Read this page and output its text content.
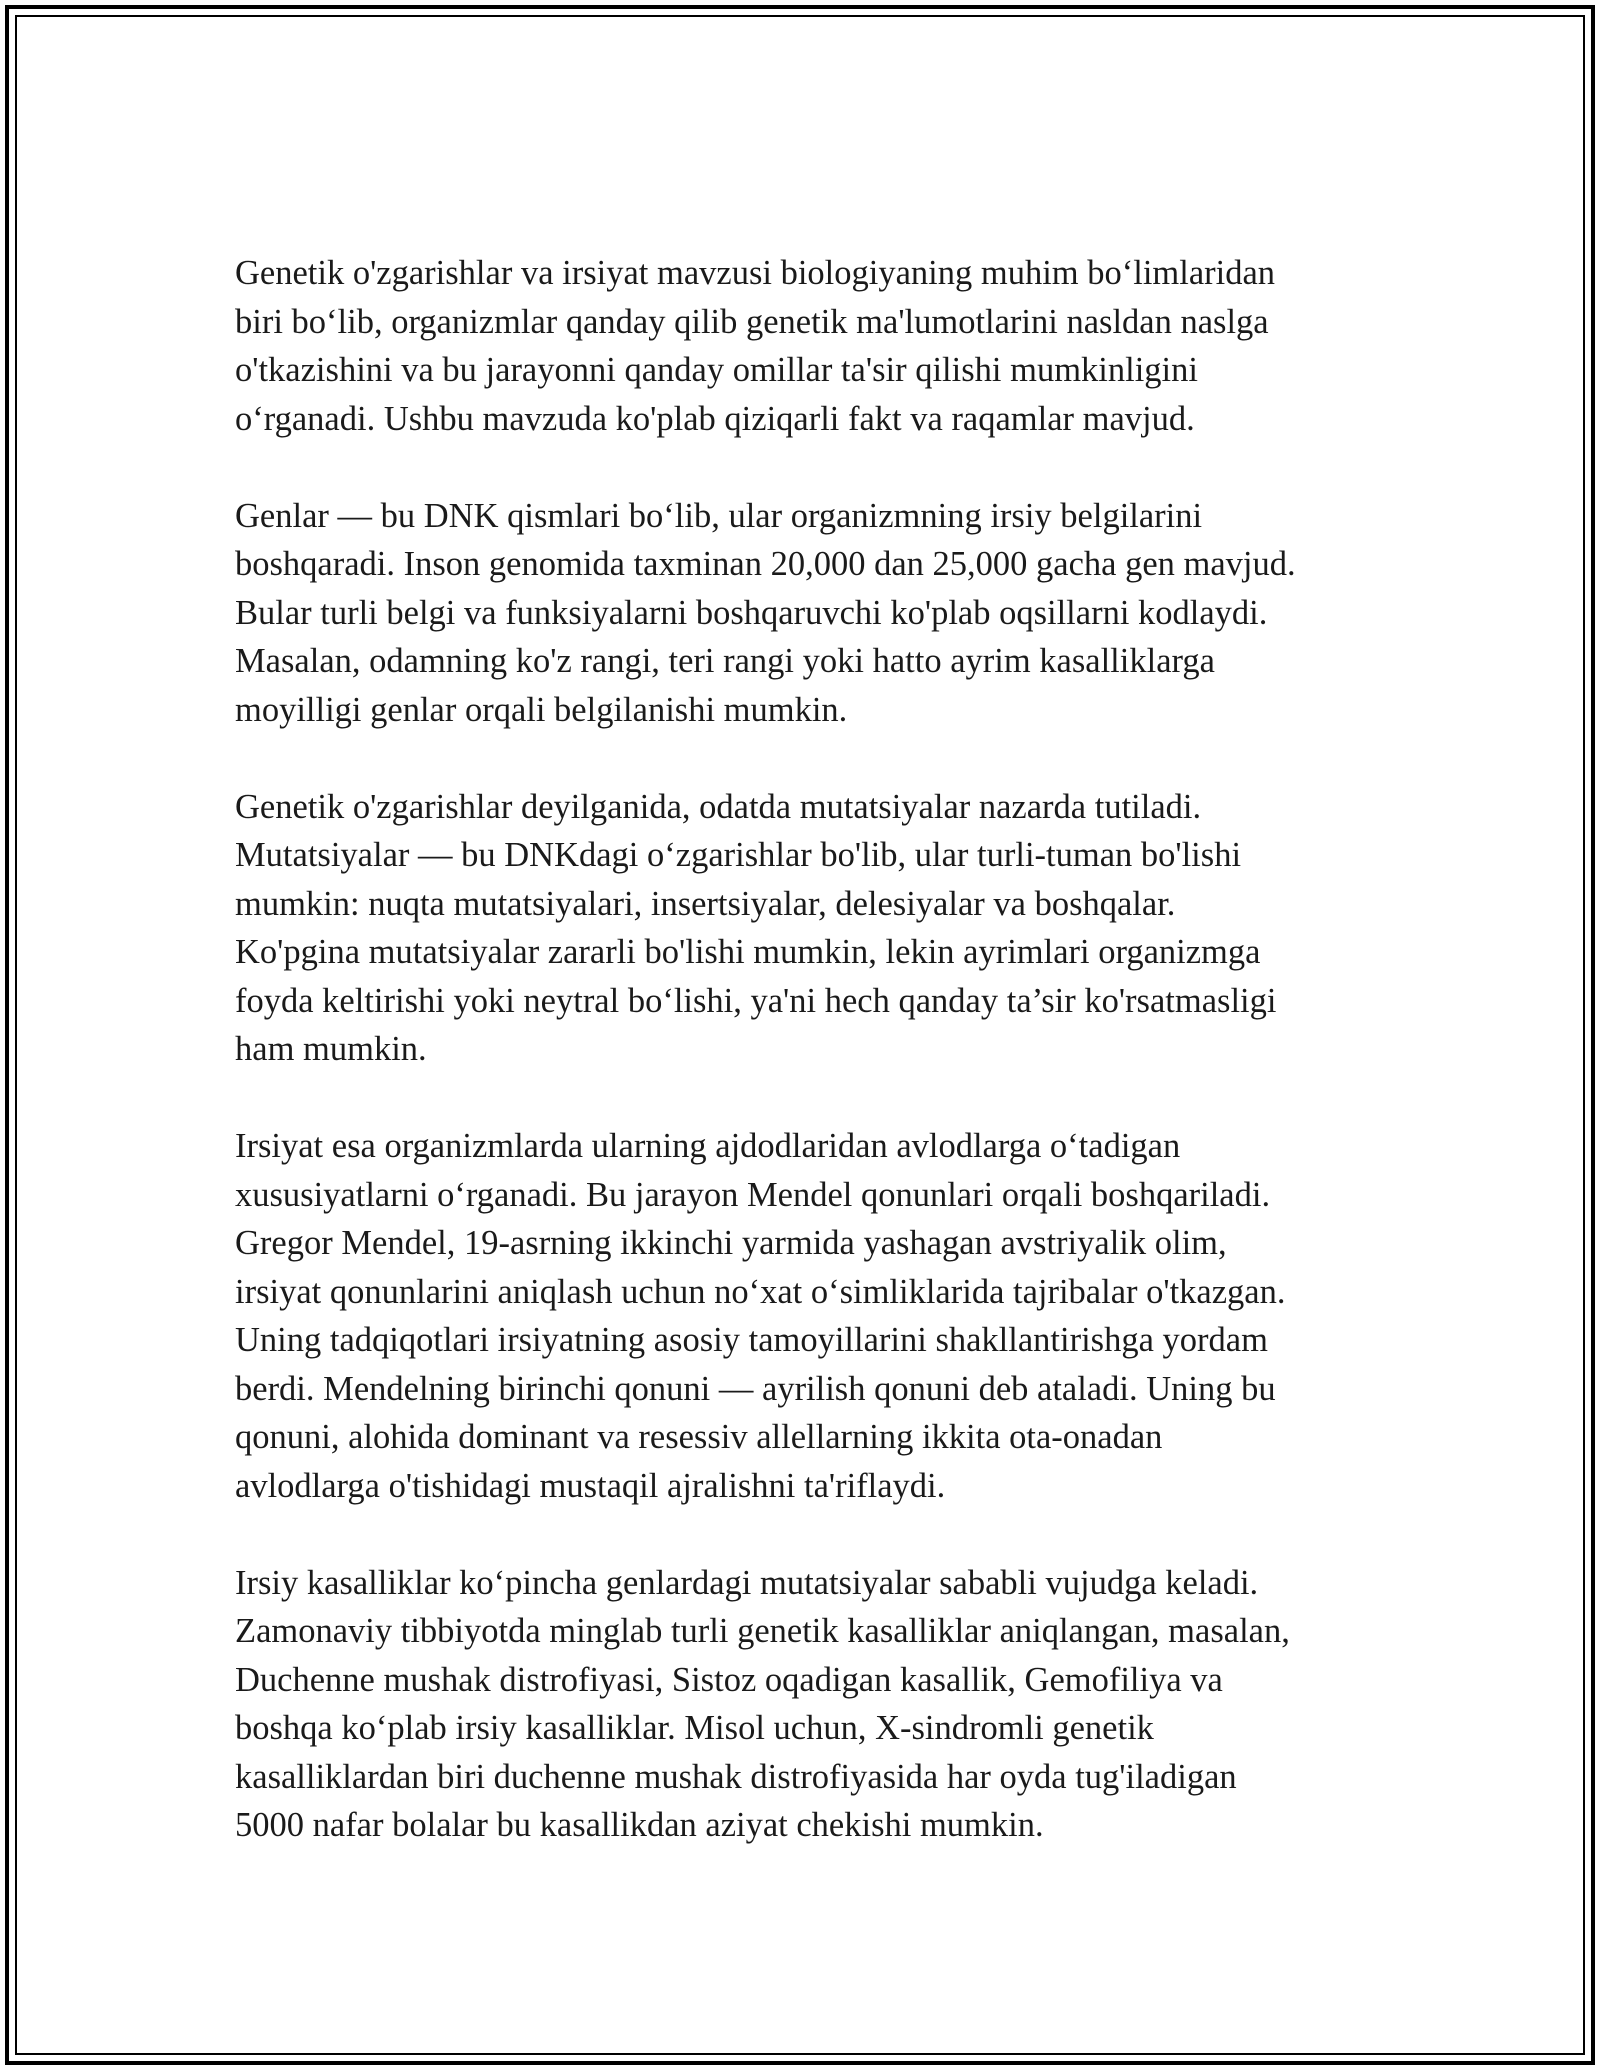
Genetik o'zgarishlar va irsiyat mavzusi biologiyaning muhim bo‘limlaridan
biri bo‘lib, organizmlar qanday qilib genetik ma'lumotlarini nasldan naslga
o'tkazishini va bu jarayonni qanday omillar ta'sir qilishi mumkinligini
o‘rganadi. Ushbu mavzuda ko'plab qiziqarli fakt va raqamlar mavjud.

Genlar — bu DNK qismlari bo‘lib, ular organizmning irsiy belgilarini
boshqaradi. Inson genomida taxminan 20,000 dan 25,000 gacha gen mavjud.
Bular turli belgi va funksiyalarni boshqaruvchi ko'plab oqsillarni kodlaydi.
Masalan, odamning ko'z rangi, teri rangi yoki hatto ayrim kasalliklarga
moyilligi genlar orqali belgilanishi mumkin.

Genetik o'zgarishlar deyilganida, odatda mutatsiyalar nazarda tutiladi.
Mutatsiyalar — bu DNKdagi o‘zgarishlar bo'lib, ular turli-tuman bo'lishi
mumkin: nuqta mutatsiyalari, insertsiyalar, delesiyalar va boshqalar.
Ko'pgina mutatsiyalar zararli bo'lishi mumkin, lekin ayrimlari organizmga
foyda keltirishi yoki neytral bo‘lishi, ya'ni hech qanday ta’sir ko'rsatmasligi
ham mumkin.

Irsiyat esa organizmlarda ularning ajdodlaridan avlodlarga o‘tadigan
xususiyatlarni o‘rganadi. Bu jarayon Mendel qonunlari orqali boshqariladi.
Gregor Mendel, 19-asrning ikkinchi yarmida yashagan avstriyalik olim,
irsiyat qonunlarini aniqlash uchun no‘xat o‘simliklarida tajribalar o'tkazgan.
Uning tadqiqotlari irsiyatning asosiy tamoyillarini shakllantirishga yordam
berdi. Mendelning birinchi qonuni — ayrilish qonuni deb ataladi. Uning bu
qonuni, alohida dominant va resessiv allellarning ikkita ota-onadan
avlodlarga o'tishidagi mustaqil ajralishni ta'riflaydi.

Irsiy kasalliklar ko‘pincha genlardagi mutatsiyalar sababli vujudga keladi.
Zamonaviy tibbiyotda minglab turli genetik kasalliklar aniqlangan, masalan,
Duchenne mushak distrofiyasi, Sistoz oqadigan kasallik, Gemofiliya va
boshqa ko‘plab irsiy kasalliklar. Misol uchun, X-sindromli genetik
kasalliklardan biri duchenne mushak distrofiyasida har oyda tug'iladigan
5000 nafar bolalar bu kasallikdan aziyat chekishi mumkin.
